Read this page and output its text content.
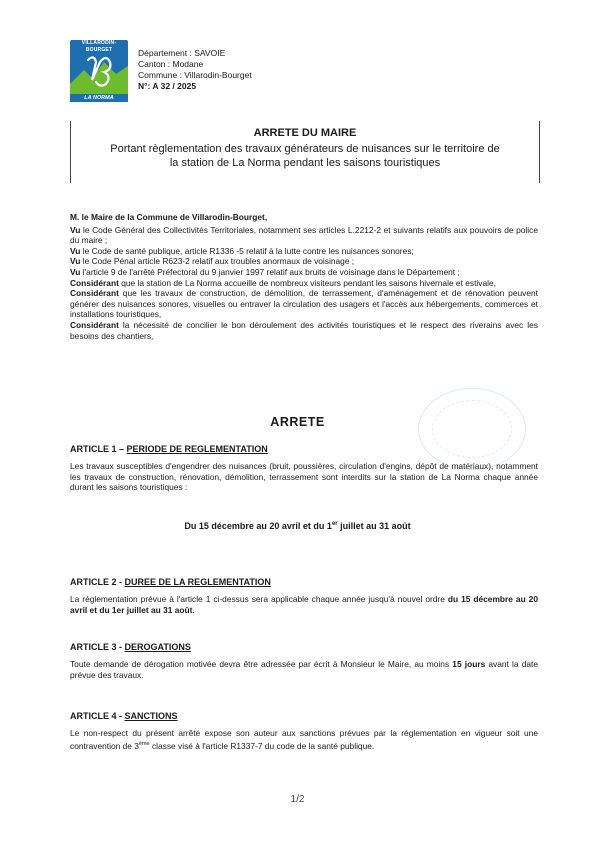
VILLARODIN-BOURGET
LA NORMA
Département : SAVOIE
Canton : Modane
Commune : Villarodin-Bourget
N°: A 32 / 2025
ARRETE DU MAIRE
Portant règlementation des travaux générateurs de nuisances sur le territoire de
la station de La Norma pendant les saisons touristiques

M. le Maire de la Commune de Villarodin-Bourget,

Vu le Code Général des Collectivités Territoriales, notamment ses articles L.2212-2 et suivants relatifs aux pouvoirs de police du maire ;

Vu le Code de santé publique, article R1336 -5 relatif à la lutte contre les nuisances sonores;

Vu le Code Pénal article R623-2 relatif aux troubles anormaux de voisinage ;

Vu l'article 9 de l'arrêté Préfectoral du 9 janvier 1997 relatif aux bruits de voisinage dans le Département ;

Considérant que la station de La Norma accueille de nombreux visiteurs pendant les saisons hivernale et estivale,

Considérant que les travaux de construction, de démolition, de terrassement, d'aménagement et de rénovation peuvent générer des nuisances sonores, visuelles ou entraver la circulation des usagers et l'accès aux hébergements, commerces et installations touristiques,

Considérant la nécessité de concilier le bon déroulement des activités touristiques et le respect des riverains avec les besoins des chantiers,

ARRETE
ARTICLE 1 – PERIODE DE REGLEMENTATION
Les travaux susceptibles d'engendrer des nuisances (bruit, poussières, circulation d'engins, dépôt de matériaux), notamment les travaux de construction, rénovation, démolition, terrassement sont interdits sur la station de La Norma chaque année durant les saisons touristiques :
Du 15 décembre au 20 avril et du 1er juillet au 31 août
ARTICLE 2 - DUREE DE LA REGLEMENTATION
La réglementation prévue à l'article 1 ci-dessus sera applicable chaque année jusqu'à nouvel ordre du 15 décembre au 20 avril et du 1er juillet au 31 août.
ARTICLE 3 - DEROGATIONS
Toute demande de dérogation motivée devra être adressée par écrit à Monsieur le Maire, au moins 15 jours avant la date prévue des travaux.
ARTICLE 4 - SANCTIONS
Le non-respect du présent arrêté expose son auteur aux sanctions prévues par la réglementation en vigueur soit une contravention de 3ème classe visé à l'article R1337-7 du code de la santé publique.
1/2
